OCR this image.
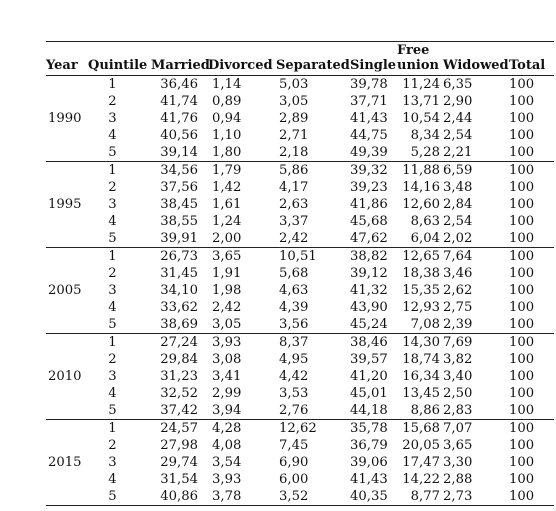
Year	Quintile	Married	Divorced	Separated	Single	Free union	Widowed	Total
1990	1	36,46	1,14	5,03	39,78	11,24	6,35	100
	2	41,74	0,89	3,05	37,71	13,71	2,90	100
	3	41,76	0,94	2,89	41,43	10,54	2,44	100
	4	40,56	1,10	2,71	44,75	8,34	2,54	100
	5	39,14	1,80	2,18	49,39	5,28	2,21	100
1995	1	34,56	1,79	5,86	39,32	11,88	6,59	100
	2	37,56	1,42	4,17	39,23	14,16	3,48	100
	3	38,45	1,61	2,63	41,86	12,60	2,84	100
	4	38,55	1,24	3,37	45,68	8,63	2,54	100
	5	39,91	2,00	2,42	47,62	6,04	2,02	100
2005	1	26,73	3,65	10,51	38,82	12,65	7,64	100
	2	31,45	1,91	5,68	39,12	18,38	3,46	100
	3	34,10	1,98	4,63	41,32	15,35	2,62	100
	4	33,62	2,42	4,39	43,90	12,93	2,75	100
	5	38,69	3,05	3,56	45,24	7,08	2,39	100
2010	1	27,24	3,93	8,37	38,46	14,30	7,69	100
	2	29,84	3,08	4,95	39,57	18,74	3,82	100
	3	31,23	3,41	4,42	41,20	16,34	3,40	100
	4	32,52	2,99	3,53	45,01	13,45	2,50	100
	5	37,42	3,94	2,76	44,18	8,86	2,83	100
2015	1	24,57	4,28	12,62	35,78	15,68	7,07	100
	2	27,98	4,08	7,45	36,79	20,05	3,65	100
	3	29,74	3,54	6,90	39,06	17,47	3,30	100
	4	31,54	3,93	6,00	41,43	14,22	2,88	100
	5	40,86	3,78	3,52	40,35	8,77	2,73	100
